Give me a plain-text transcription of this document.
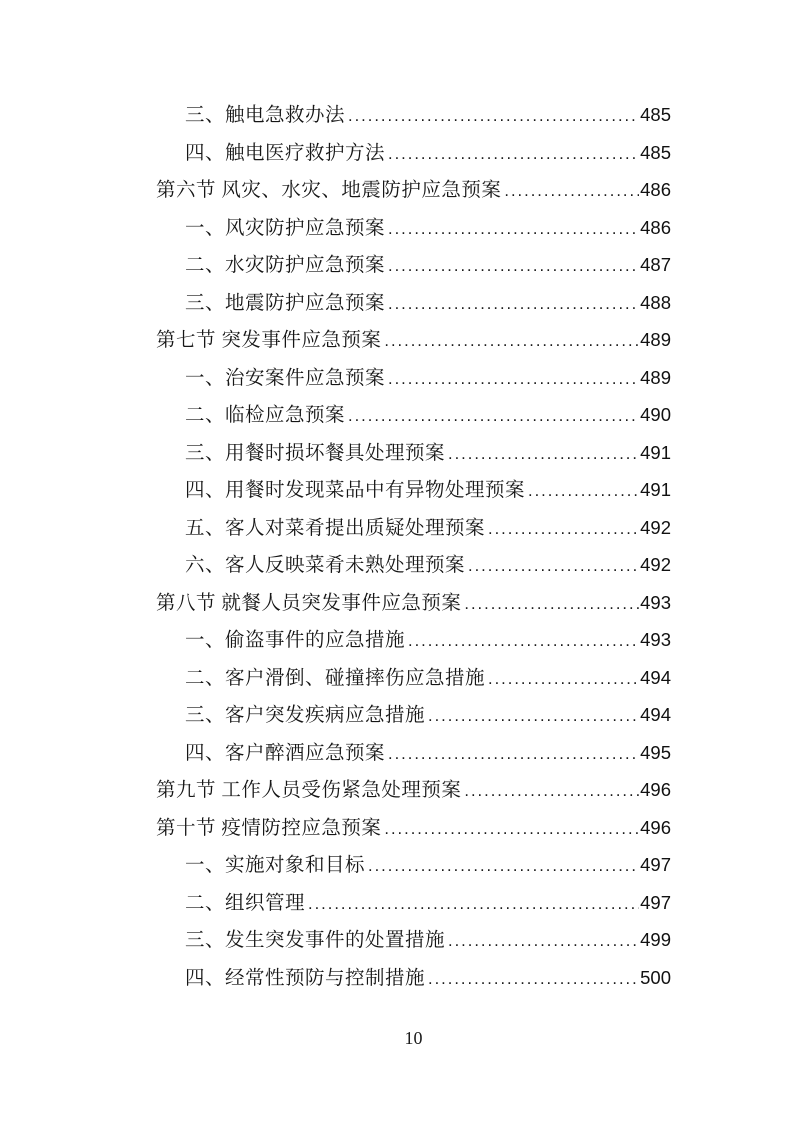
三、触电急救办法 .....	485
四、触电医疗救护方法 .....	485
第六节 风灾、水灾、地震防护应急预案 .....	486
一、风灾防护应急预案 .....	486
二、水灾防护应急预案 .....	487
三、地震防护应急预案 .....	488
第七节 突发事件应急预案 .....	489
一、治安案件应急预案 .....	489
二、临检应急预案 .....	490
三、用餐时损坏餐具处理预案 .....	491
四、用餐时发现菜品中有异物处理预案 .....	491
五、客人对菜肴提出质疑处理预案 .....	492
六、客人反映菜肴未熟处理预案 .....	492
第八节 就餐人员突发事件应急预案 .....	493
一、偷盗事件的应急措施 .....	493
二、客户滑倒、碰撞摔伤应急措施 .....	494
三、客户突发疾病应急措施 .....	494
四、客户醉酒应急预案 .....	495
第九节 工作人员受伤紧急处理预案 .....	496
第十节 疫情防控应急预案 .....	496
一、实施对象和目标 .....	497
二、组织管理 .....	497
三、发生突发事件的处置措施 .....	499
四、经常性预防与控制措施 .....	500
10
